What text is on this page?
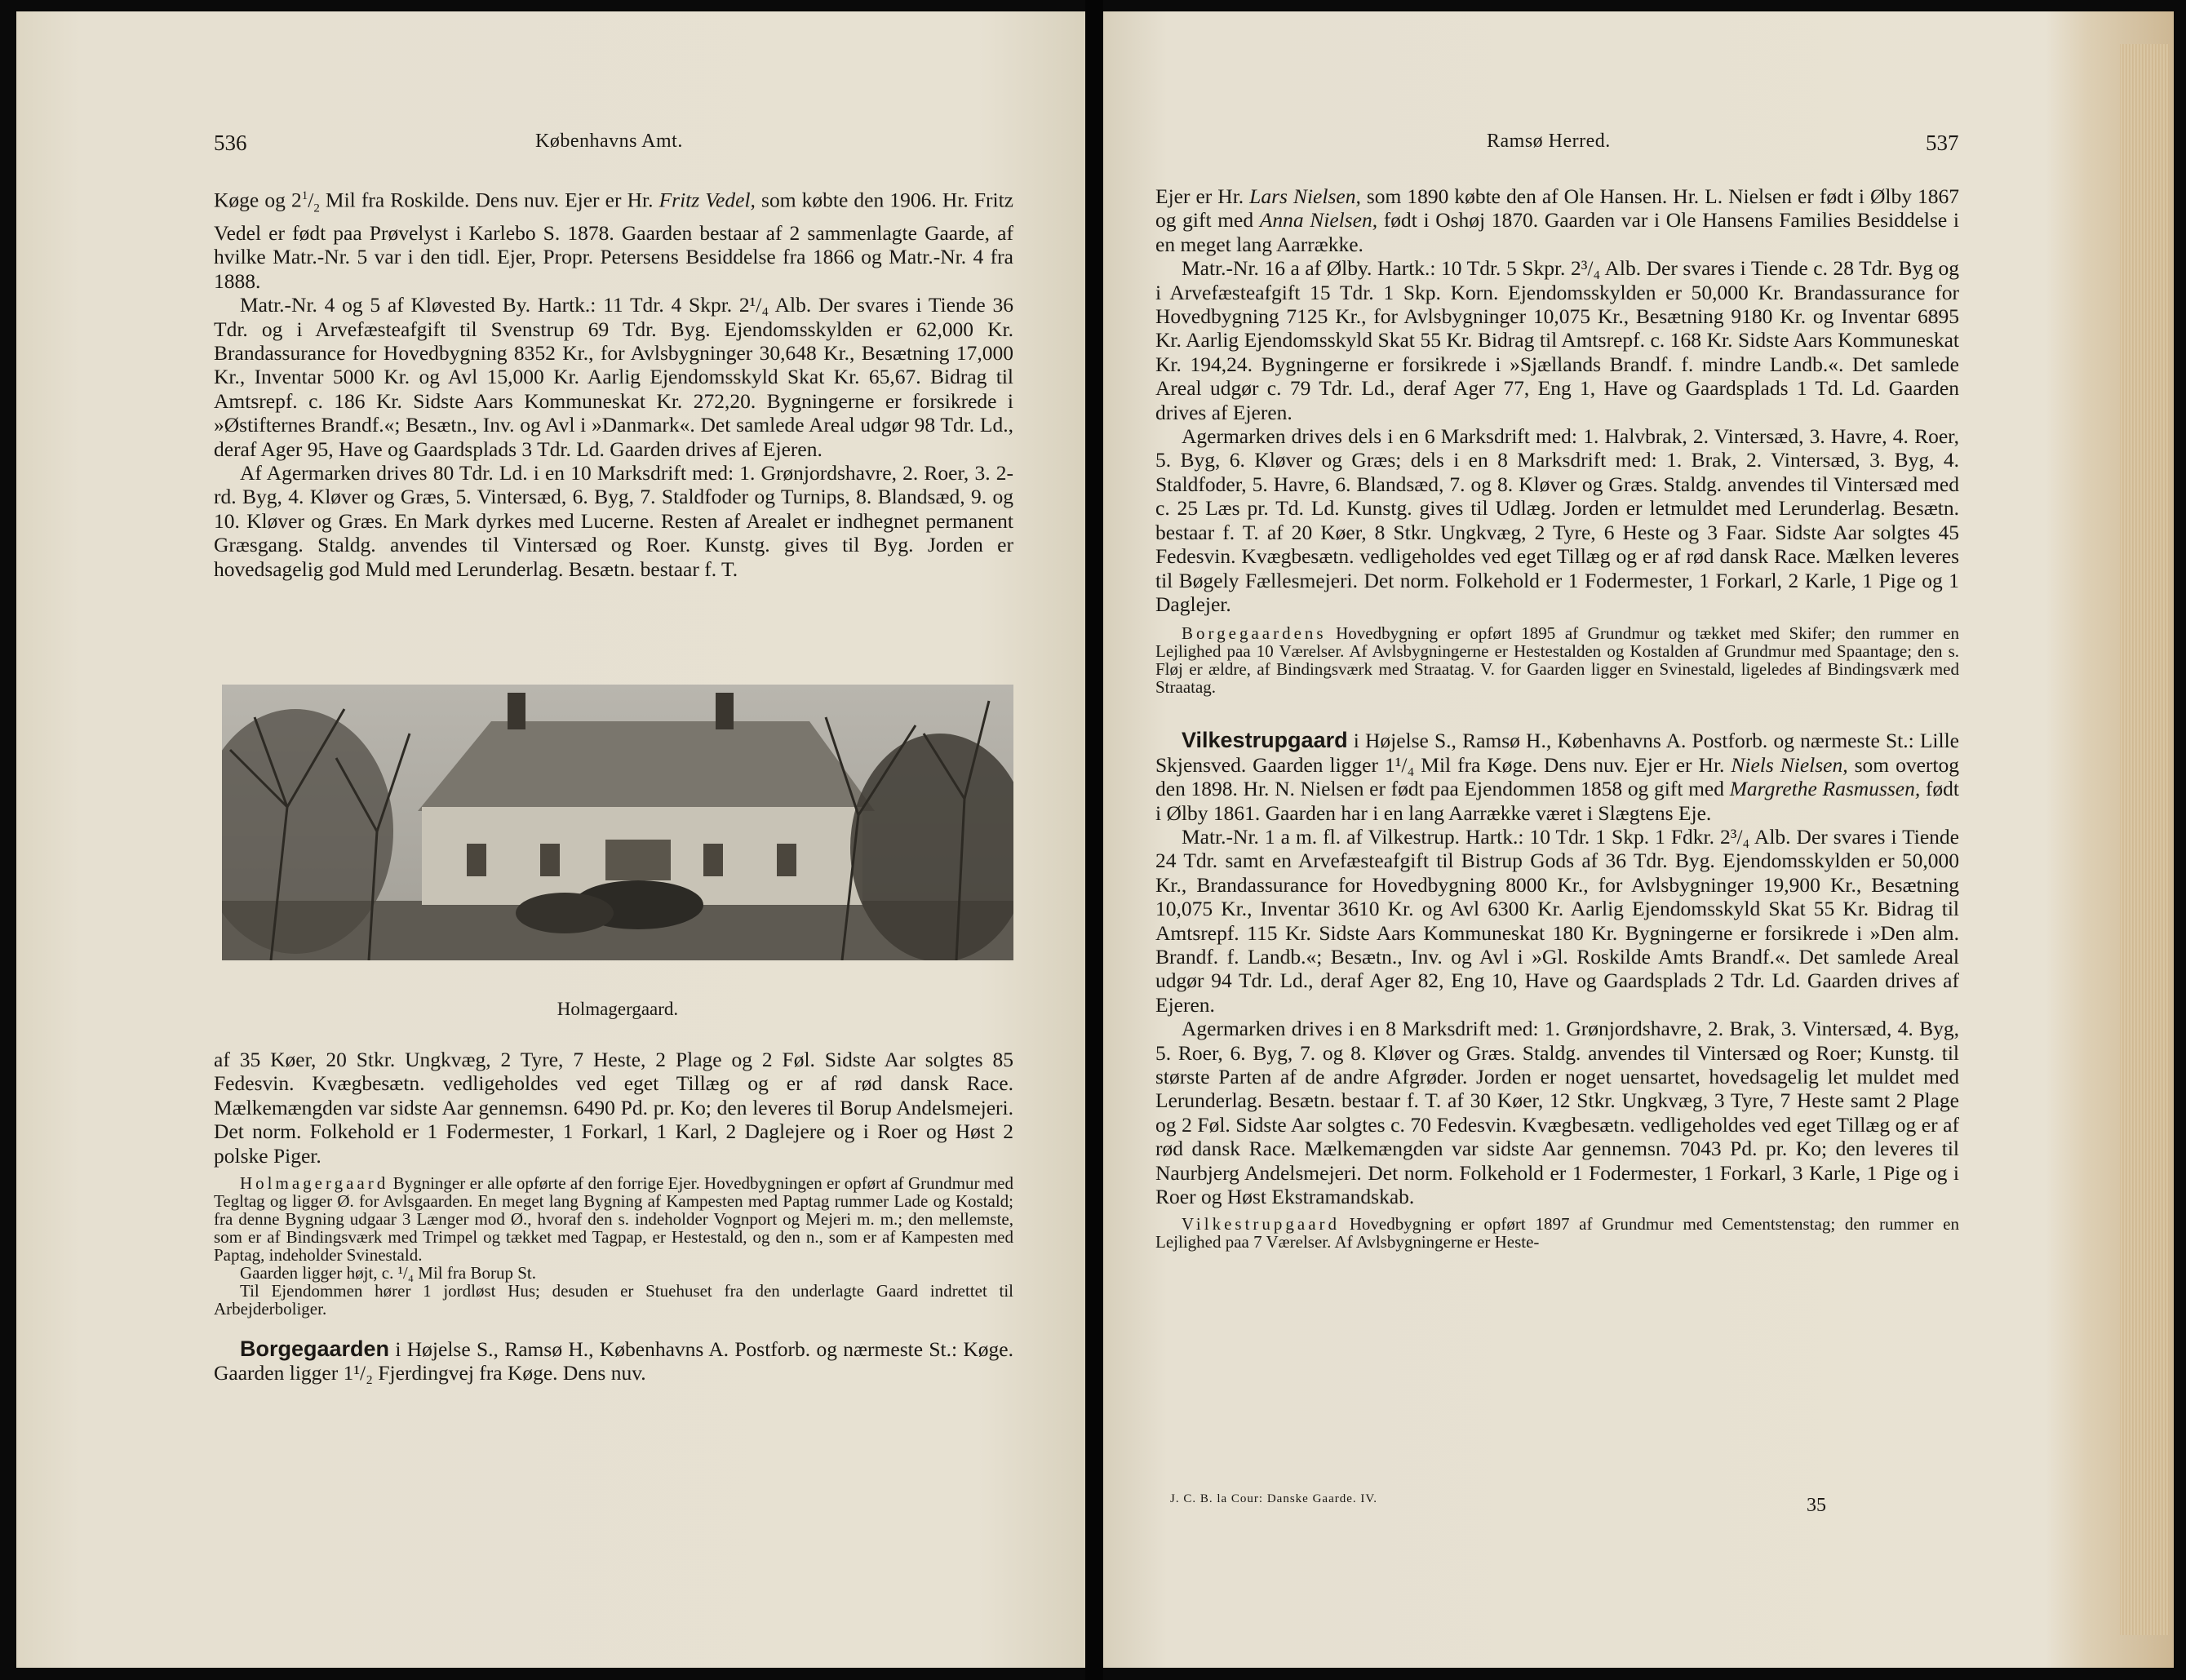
536	Københavns Amt.

Køge og $2^1/_2$ Mil fra Roskilde. Dens nuv. Ejer er Hr. Fritz Vedel, som købte den 1906. Hr. Fritz Vedel er født paa Prøvelyst i Karlebo S. 1878. Gaarden bestaar af 2 sammenlagte Gaarde, af hvilke Matr.-Nr. 5 var i den tidl. Ejer, Propr. Petersens Besiddelse fra 1866 og Matr.-Nr. 4 fra 1888.

Matr.-Nr. 4 og 5 af Kløvested By. Hartk.: 11 Tdr. 4 Skpr. 2¹/₄ Alb. Der svares i Tiende 36 Tdr. og i Arvefæsteafgift til Svenstrup 69 Tdr. Byg. Ejendomsskylden er 62,000 Kr. Brandassurance for Hovedbygning 8352 Kr., for Avlsbygninger 30,648 Kr., Besætning 17,000 Kr., Inventar 5000 Kr. og Avl 15,000 Kr. Aarlig Ejendomsskyld Skat Kr. 65,67. Bidrag til Amtsrepf. c. 186 Kr. Sidste Aars Kommuneskat Kr. 272,20. Bygningerne er forsikrede i »Østifternes Brandf.«; Besætn., Inv. og Avl i »Danmark«. Det samlede Areal udgør 98 Tdr. Ld., deraf Ager 95, Have og Gaardsplads 3 Tdr. Ld. Gaarden drives af Ejeren.

Af Agermarken drives 80 Tdr. Ld. i en 10 Marksdrift med: 1. Grønjordshavre, 2. Roer, 3. 2-rd. Byg, 4. Kløver og Græs, 5. Vintersæd, 6. Byg, 7. Staldfoder og Turnips, 8. Blandsæd, 9. og 10. Kløver og Græs. En Mark dyrkes med Lucerne. Resten af Arealet er indhegnet permanent Græsgang. Staldg. anvendes til Vintersæd og Roer. Kunstg. gives til Byg. Jorden er hovedsagelig god Muld med Lerunderlag. Besætn. bestaar f. T.

Holmagergaard.

af 35 Køer, 20 Stkr. Ungkvæg, 2 Tyre, 7 Heste, 2 Plage og 2 Føl. Sidste Aar solgtes 85 Fedesvin. Kvægbesætn. vedligeholdes ved eget Tillæg og er af rød dansk Race. Mælkemængden var sidste Aar gennemsn. 6490 Pd. pr. Ko; den leveres til Borup Andelsmejeri. Det norm. Folkehold er 1 Fodermester, 1 Forkarl, 1 Karl, 2 Daglejere og i Roer og Høst 2 polske Piger.

Holmagergaard Bygninger er alle opførte af den forrige Ejer. Hovedbygningen er opført af Grundmur med Tegltag og ligger Ø. for Avlsgaarden. En meget lang Bygning af Kampesten med Paptag rummer Lade og Kostald; fra denne Bygning udgaar 3 Længer mod Ø., hvoraf den s. indeholder Vognport og Mejeri m. m.; den mellemste, som er af Bindingsværk med Trimpel og tækket med Tagpap, er Hestestald, og den n., som er af Kampesten med Paptag, indeholder Svinestald.

Gaarden ligger højt, c. ¹/₄ Mil fra Borup St.

Til Ejendommen hører 1 jordløst Hus; desuden er Stuehuset fra den underlagte Gaard indrettet til Arbejderboliger.

Borgegaarden i Højelse S., Ramsø H., Københavns A. Postforb. og nærmeste St.: Køge. Gaarden ligger 1¹/₂ Fjerdingvej fra Køge. Dens nuv.

Ramsø Herred.	537

Ejer er Hr. Lars Nielsen, som 1890 købte den af Ole Hansen. Hr. L. Nielsen er født i Ølby 1867 og gift med Anna Nielsen, født i Oshøj 1870. Gaarden var i Ole Hansens Families Besiddelse i en meget lang Aarrække.

Matr.-Nr. 16 a af Ølby. Hartk.: 10 Tdr. 5 Skpr. 2³/₄ Alb. Der svares i Tiende c. 28 Tdr. Byg og i Arvefæsteafgift 15 Tdr. 1 Skp. Korn. Ejendomsskylden er 50,000 Kr. Brandassurance for Hovedbygning 7125 Kr., for Avlsbygninger 10,075 Kr., Besætning 9180 Kr. og Inventar 6895 Kr. Aarlig Ejendomsskyld Skat 55 Kr. Bidrag til Amtsrepf. c. 168 Kr. Sidste Aars Kommuneskat Kr. 194,24. Bygningerne er forsikrede i »Sjællands Brandf. f. mindre Landb.«. Det samlede Areal udgør c. 79 Tdr. Ld., deraf Ager 77, Eng 1, Have og Gaardsplads 1 Td. Ld. Gaarden drives af Ejeren.

Agermarken drives dels i en 6 Marksdrift med: 1. Halvbrak, 2. Vintersæd, 3. Havre, 4. Roer, 5. Byg, 6. Kløver og Græs; dels i en 8 Marksdrift med: 1. Brak, 2. Vintersæd, 3. Byg, 4. Staldfoder, 5. Havre, 6. Blandsæd, 7. og 8. Kløver og Græs. Staldg. anvendes til Vintersæd med c. 25 Læs pr. Td. Ld. Kunstg. gives til Udlæg. Jorden er letmuldet med Lerunderlag. Besætn. bestaar f. T. af 20 Køer, 8 Stkr. Ungkvæg, 2 Tyre, 6 Heste og 3 Faar. Sidste Aar solgtes 45 Fedesvin. Kvægbesætn. vedligeholdes ved eget Tillæg og er af rød dansk Race. Mælken leveres til Bøgely Fællesmejeri. Det norm. Folkehold er 1 Fodermester, 1 Forkarl, 2 Karle, 1 Pige og 1 Daglejer.

Borgegaardens Hovedbygning er opført 1895 af Grundmur og tækket med Skifer; den rummer en Lejlighed paa 10 Værelser. Af Avlsbygningerne er Hestestalden og Kostalden af Grundmur med Spaantage; den s. Fløj er ældre, af Bindingsværk med Straatag. V. for Gaarden ligger en Svinestald, ligeledes af Bindingsværk med Straatag.

Vilkestrupgaard i Højelse S., Ramsø H., Københavns A. Postforb. og nærmeste St.: Lille Skjensved. Gaarden ligger 1¹/₄ Mil fra Køge. Dens nuv. Ejer er Hr. Niels Nielsen, som overtog den 1898. Hr. N. Nielsen er født paa Ejendommen 1858 og gift med Margrethe Rasmussen, født i Ølby 1861. Gaarden har i en lang Aarrække været i Slægtens Eje.

Matr.-Nr. 1 a m. fl. af Vilkestrup. Hartk.: 10 Tdr. 1 Skp. 1 Fdkr. 2³/₄ Alb. Der svares i Tiende 24 Tdr. samt en Arvefæsteafgift til Bistrup Gods af 36 Tdr. Byg. Ejendomsskylden er 50,000 Kr., Brandassurance for Hovedbygning 8000 Kr., for Avlsbygninger 19,900 Kr., Besætning 10,075 Kr., Inventar 3610 Kr. og Avl 6300 Kr. Aarlig Ejendomsskyld Skat 55 Kr. Bidrag til Amtsrepf. 115 Kr. Sidste Aars Kommuneskat 180 Kr. Bygningerne er forsikrede i »Den alm. Brandf. f. Landb.«; Besætn., Inv. og Avl i »Gl. Roskilde Amts Brandf.«. Det samlede Areal udgør 94 Tdr. Ld., deraf Ager 82, Eng 10, Have og Gaardsplads 2 Tdr. Ld. Gaarden drives af Ejeren.

Agermarken drives i en 8 Marksdrift med: 1. Grønjordshavre, 2. Brak, 3. Vintersæd, 4. Byg, 5. Roer, 6. Byg, 7. og 8. Kløver og Græs. Staldg. anvendes til Vintersæd og Roer; Kunstg. til største Parten af de andre Afgrøder. Jorden er noget uensartet, hovedsagelig let muldet med Lerunderlag. Besætn. bestaar f. T. af 30 Køer, 12 Stkr. Ungkvæg, 3 Tyre, 7 Heste samt 2 Plage og 2 Føl. Sidste Aar solgtes c. 70 Fedesvin. Kvægbesætn. vedligeholdes ved eget Tillæg og er af rød dansk Race. Mælkemængden var sidste Aar gennemsn. 7043 Pd. pr. Ko; den leveres til Naurbjerg Andelsmejeri. Det norm. Folkehold er 1 Fodermester, 1 Forkarl, 3 Karle, 1 Pige og i Roer og Høst Ekstramandskab.

Vilkestrupgaard Hovedbygning er opført 1897 af Grundmur med Cementstenstag; den rummer en Lejlighed paa 7 Værelser. Af Avlsbygningerne er Heste-

J. C. B. la Cour: Danske Gaarde. IV.	35
